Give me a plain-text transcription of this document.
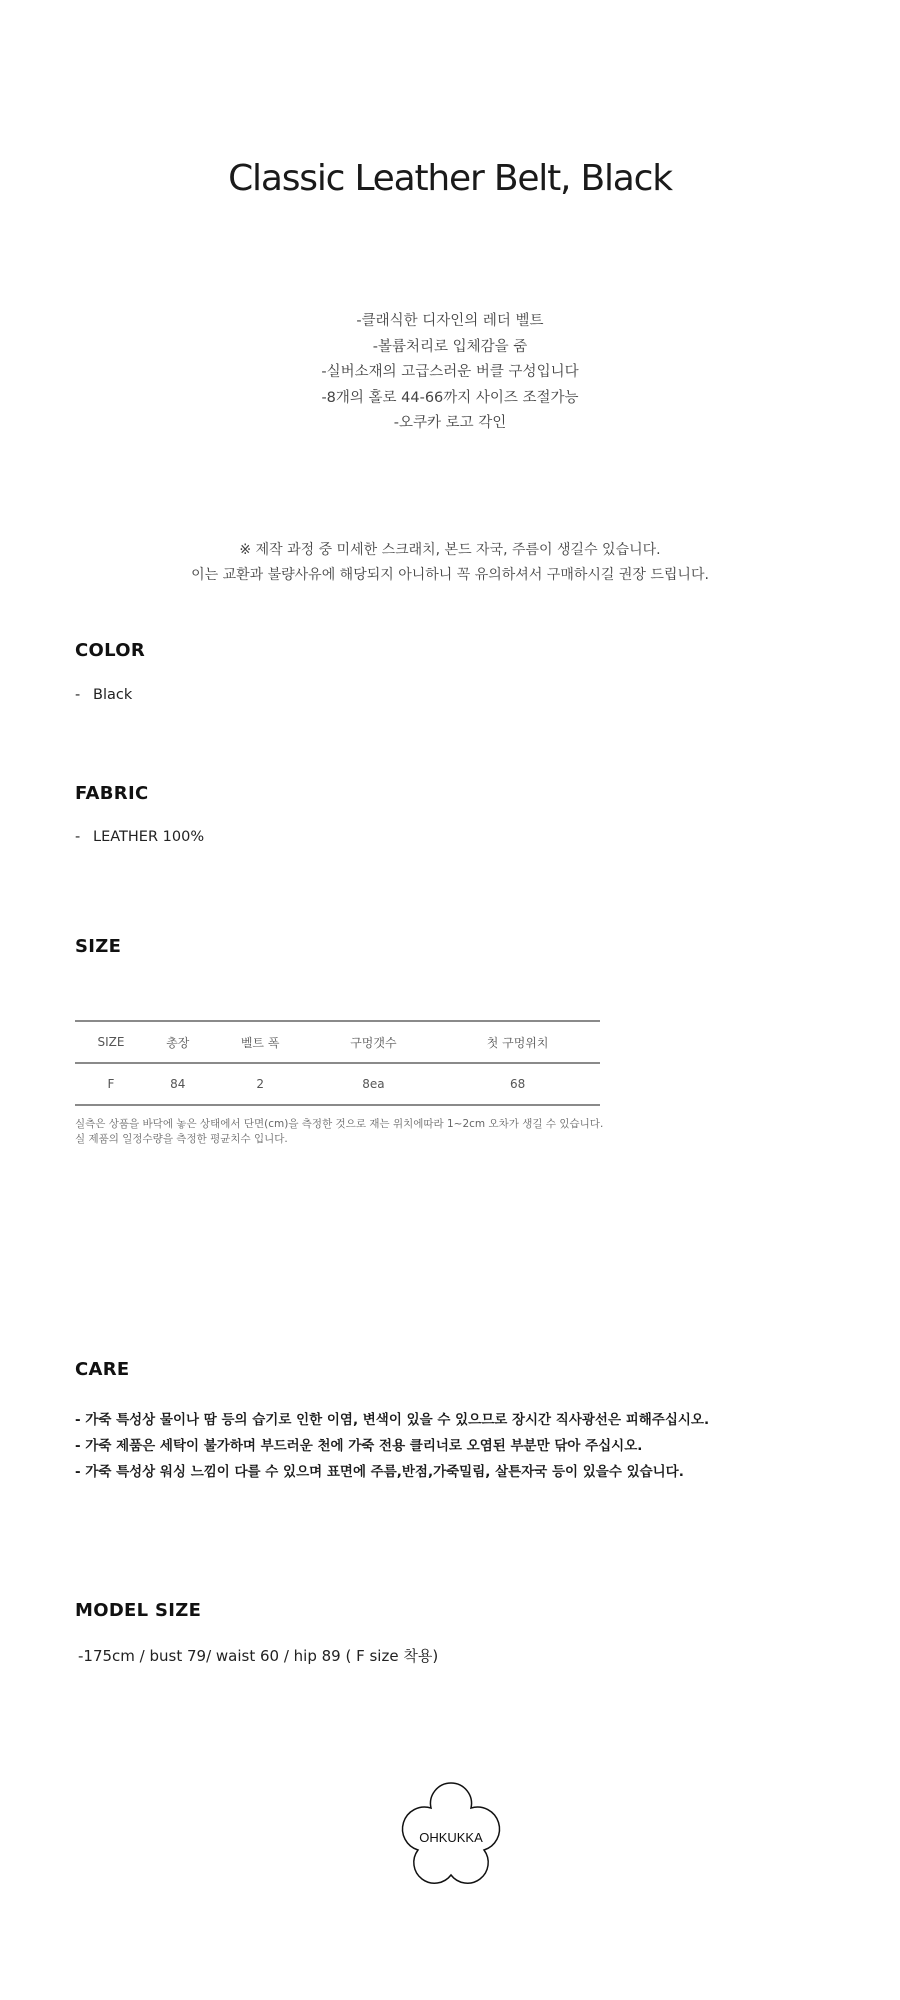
Classic Leather Belt, Black
-클래식한 디자인의 레더 벨트
-볼륨처리로 입체감을 줌
-실버소재의 고급스러운 버클 구성입니다
-8개의 홀로 44-66까지 사이즈 조절가능
-오쿠카 로고 각인
※ 제작 과정 중 미세한 스크래치, 본드 자국, 주름이 생길수 있습니다.
이는 교환과 불량사유에 해당되지 아니하니 꼭 유의하셔서 구매하시길 권장 드립니다.
COLOR
- Black
FABRIC
- LEATHER 100%
SIZE
SIZE	총장	벨트 폭	구멍갯수	첫 구멍위치
F	84	2	8ea	68
실측은 상품을 바닥에 놓은 상태에서 단면(cm)을 측정한 것으로 재는 위치에따라 1~2cm 오차가 생길 수 있습니다.
실 제품의 일정수량을 측정한 평균치수 입니다.
CARE
- 가죽 특성상 물이나 땀 등의 습기로 인한 이염, 변색이 있을 수 있으므로 장시간 직사광선은 피해주십시오.
- 가죽 제품은 세탁이 불가하며 부드러운 천에 가죽 전용 클리너로 오염된 부분만 닦아 주십시오.
- 가죽 특성상 워싱 느낌이 다를 수 있으며 표면에 주름,반점,가죽밀림, 살튼자국 등이 있을수 있습니다.
MODEL SIZE
-175cm / bust 79/ waist 60 / hip 89 ( F size 착용)
OHKUKKA
